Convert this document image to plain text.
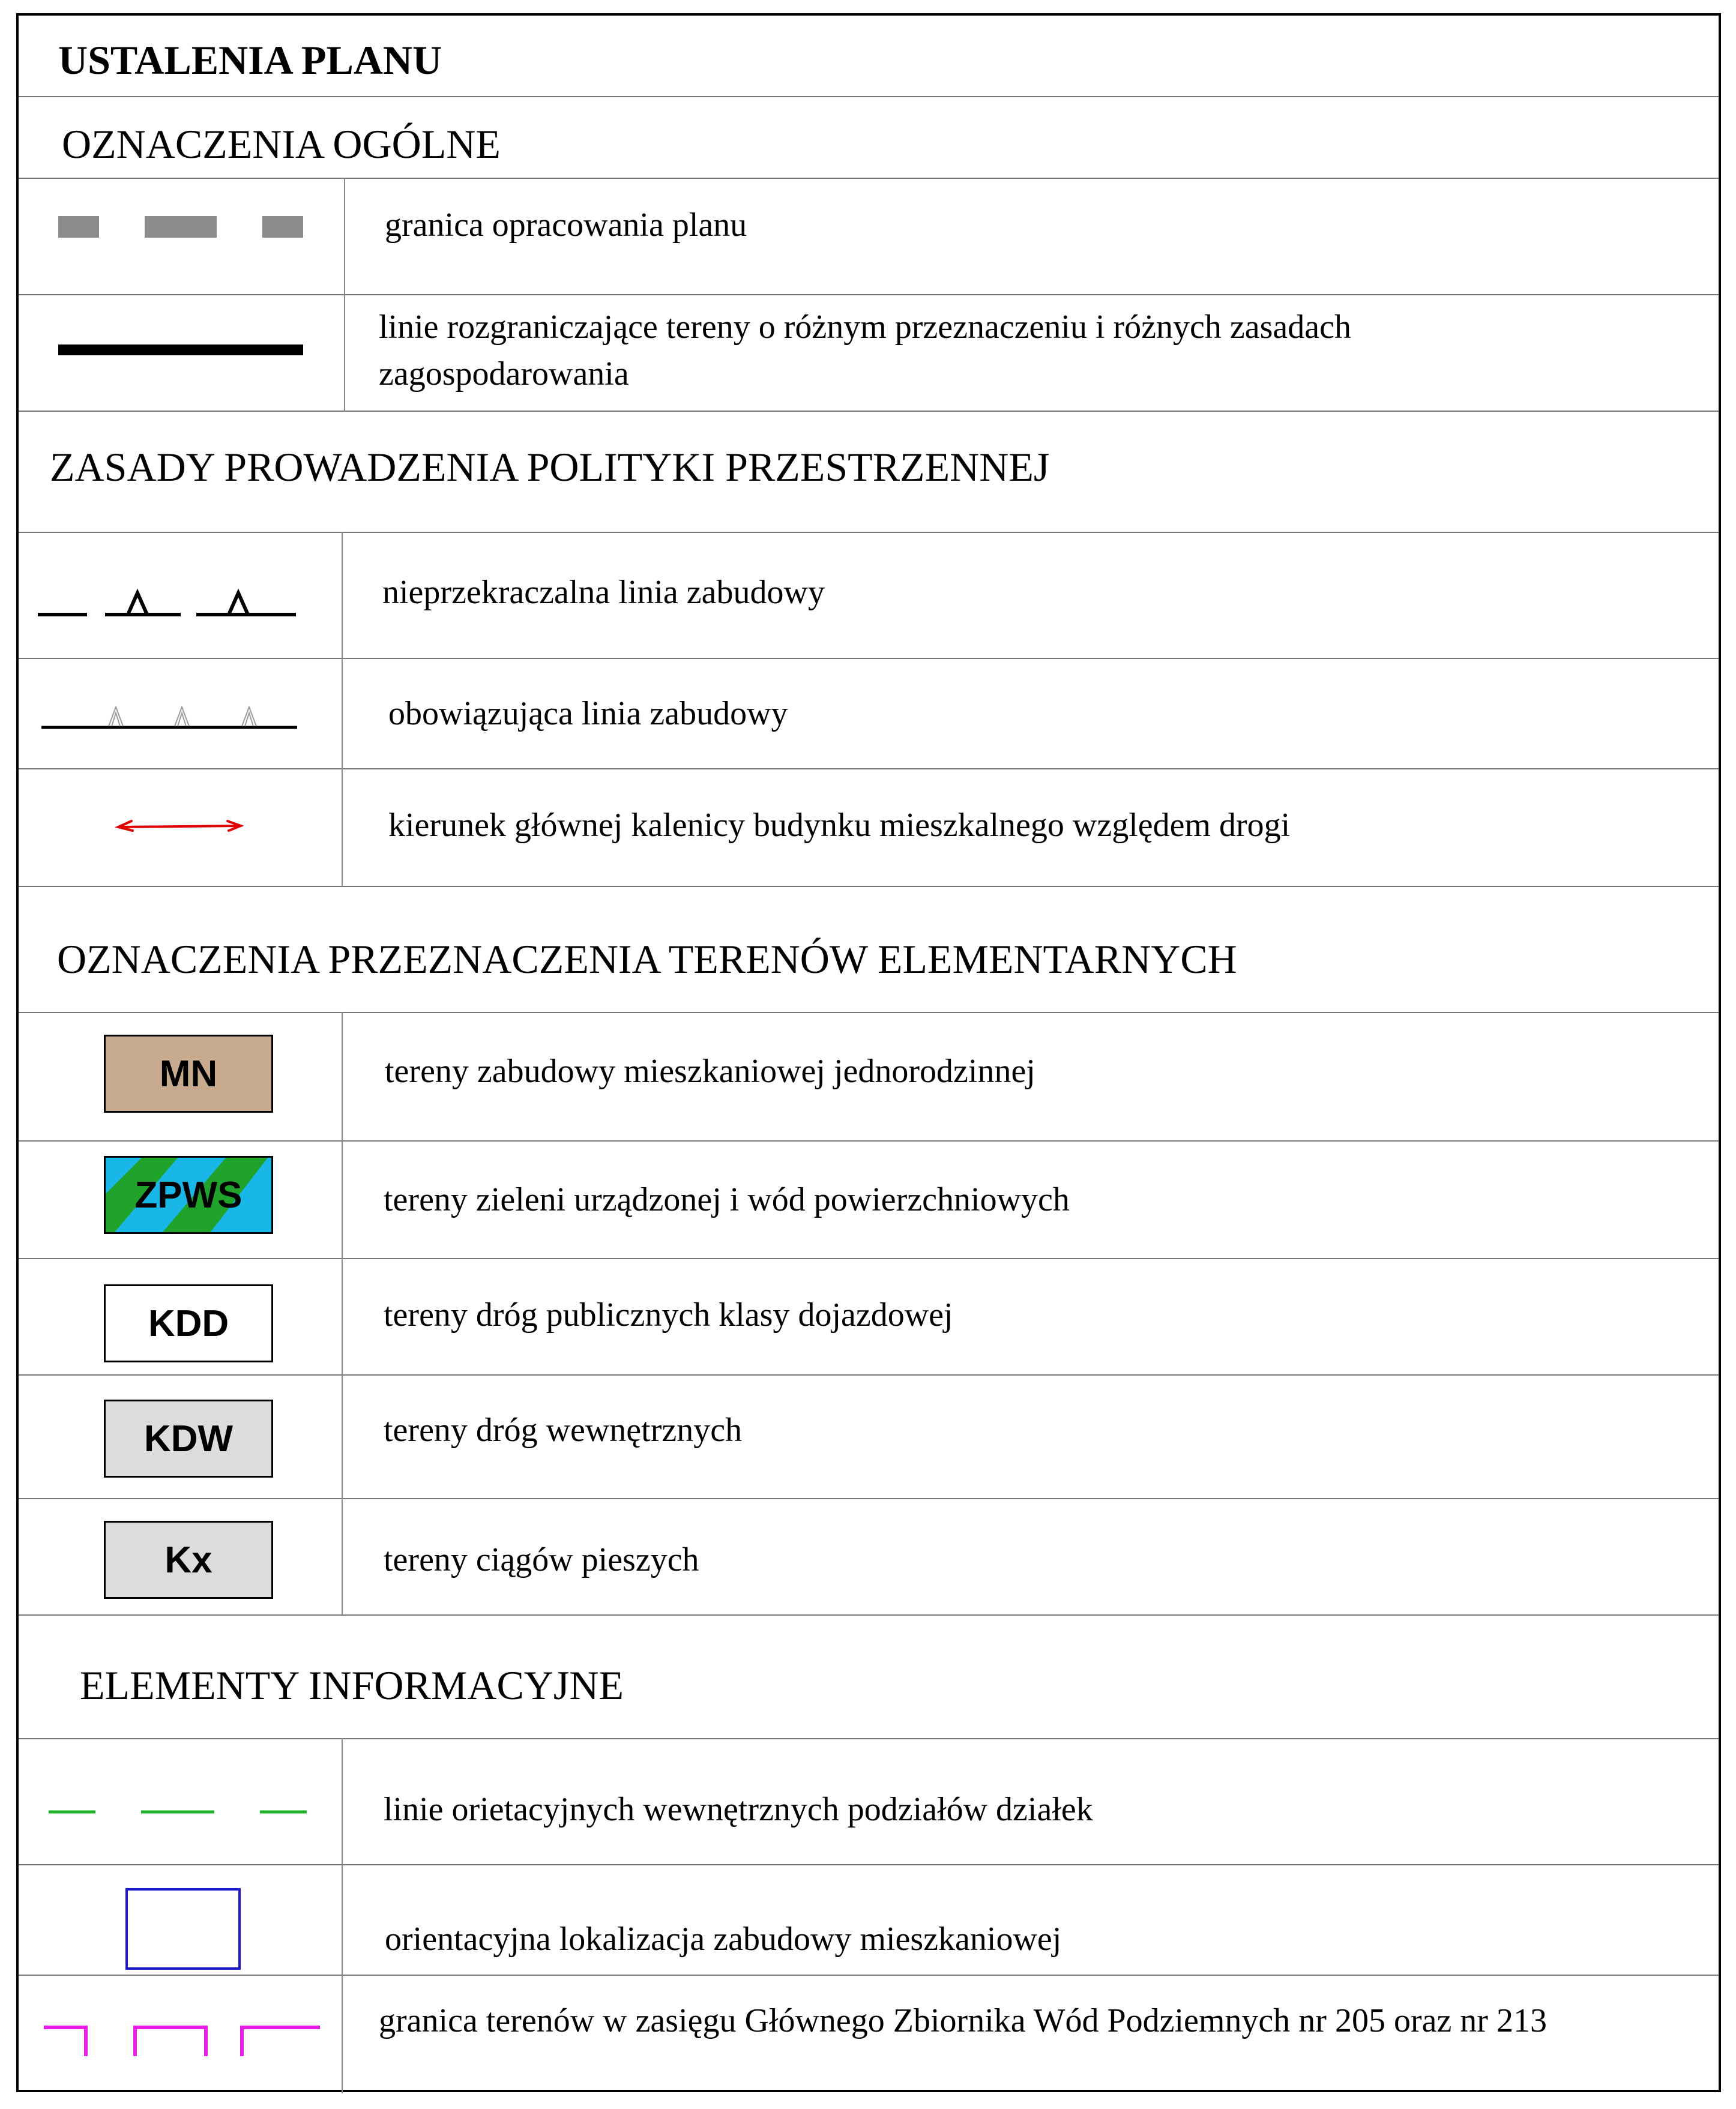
USTALENIA PLANU
OZNACZENIA OGÓLNE
granica opracowania planu
linie rozgraniczające tereny o różnym przeznaczeniu i różnych zasadach
zagospodarowania
ZASADY PROWADZENIA POLITYKI PRZESTRZENNEJ
nieprzekraczalna linia zabudowy
obowiązująca linia zabudowy
kierunek głównej kalenicy budynku mieszkalnego względem drogi
OZNACZENIA PRZEZNACZENIA TERENÓW ELEMENTARNYCH
MN	tereny zabudowy mieszkaniowej jednorodzinnej
ZPWS	tereny zieleni urządzonej i wód powierzchniowych
KDD	tereny dróg publicznych klasy dojazdowej
KDW	tereny dróg wewnętrznych
Kx	tereny ciągów pieszych
ELEMENTY INFORMACYJNE
linie orietacyjnych wewnętrznych podziałów działek
orientacyjna lokalizacja zabudowy mieszkaniowej
granica terenów w zasięgu Głównego Zbiornika Wód Podziemnych nr 205 oraz nr 213
